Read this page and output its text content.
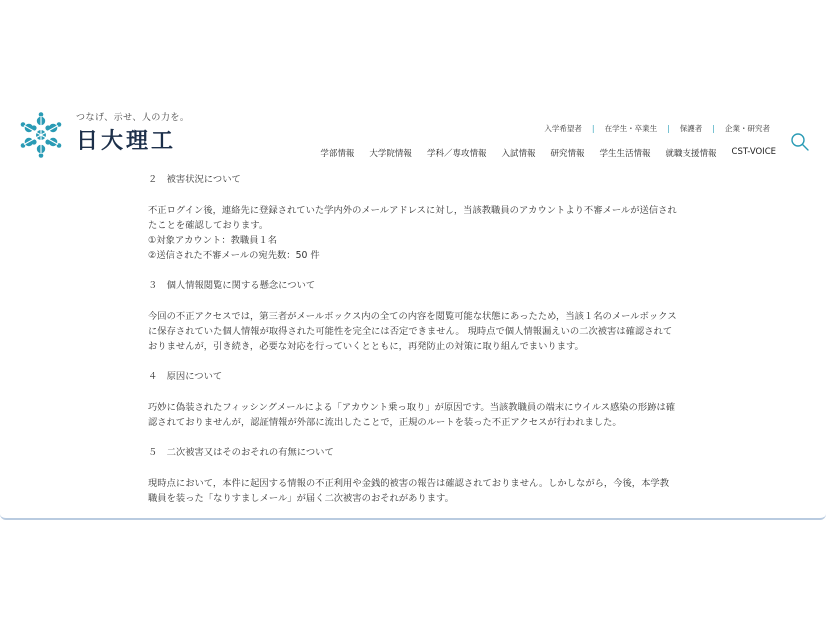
つなげ、示せ、人の力を。
日大理工
入学希望者	|	在学生・卒業生	|	保護者	|	企業・研究者
学部情報 大学院情報 学科／専攻情報 入試情報 研究情報 学生生活情報 就職支援情報 CST-VOICE
２　被害状況について

不正ログイン後，連絡先に登録されていた学内外のメールアドレスに対し，当該教職員のアカウントより不審メールが送信されたことを確認しております。

①対象アカウント：教職員１名

②送信された不審メールの宛先数：50 件

３　個人情報閲覧に関する懸念について

今回の不正アクセスでは，第三者がメールボックス内の全ての内容を閲覧可能な状態にあったため，当該１名のメールボックスに保存されていた個人情報が取得された可能性を完全には否定できません。 現時点で個人情報漏えいの二次被害は確認されておりませんが，引き続き，必要な対応を行っていくとともに，再発防止の対策に取り組んでまいります。

４　原因について

巧妙に偽装されたフィッシングメールによる「アカウント乗っ取り」が原因です。当該教職員の端末にウイルス感染の形跡は確認されておりませんが，認証情報が外部に流出したことで，正規のルートを装った不正アクセスが行われました。

５　二次被害又はそのおそれの有無について

現時点において，本件に起因する情報の不正利用や金銭的被害の報告は確認されておりません。しかしながら，今後，本学教職員を装った「なりすましメール」が届く二次被害のおそれがあります。
